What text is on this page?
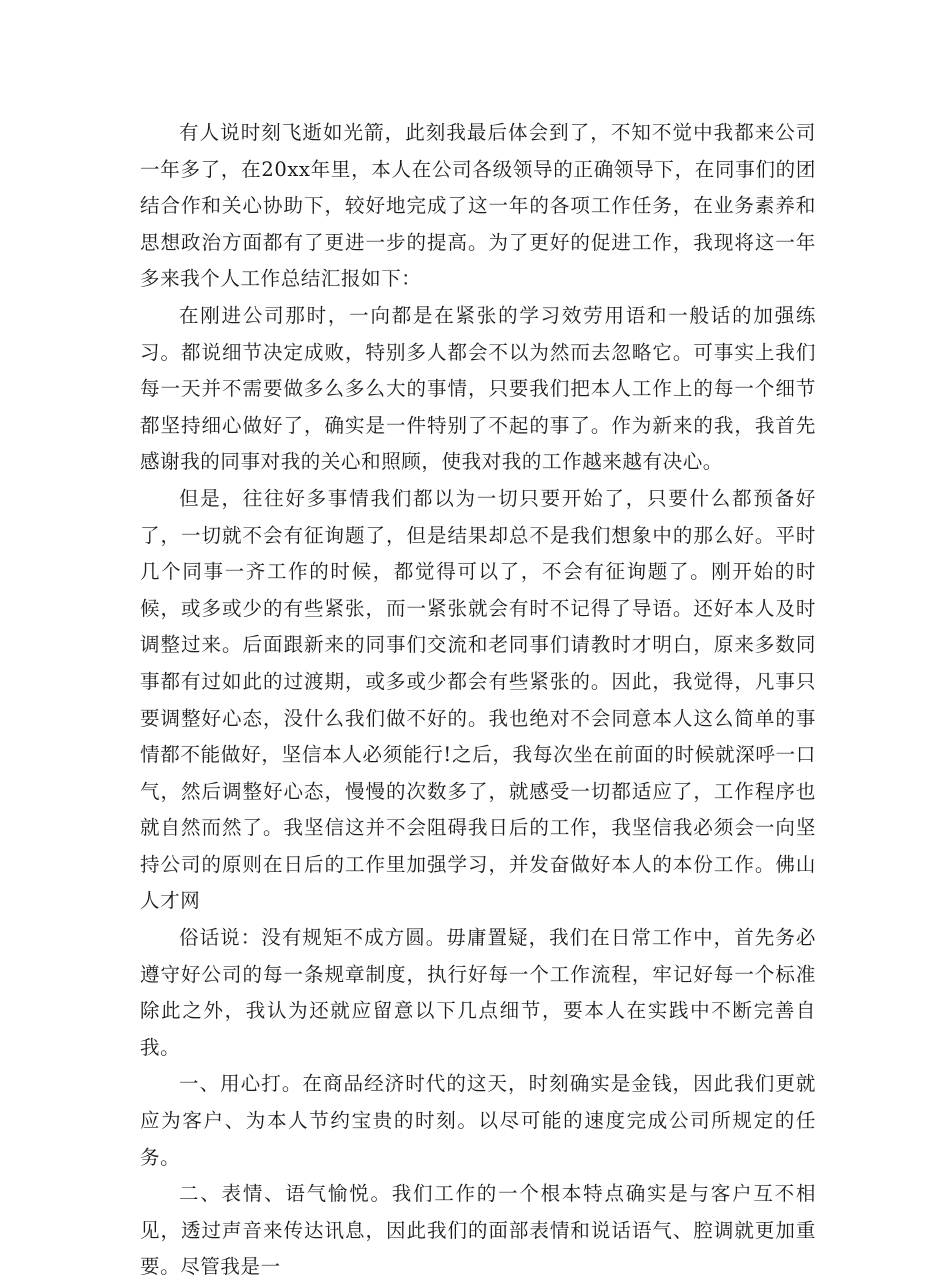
有人说时刻飞逝如光箭，此刻我最后体会到了，不知不觉中我都来公司一年多了，在20xx年里，本人在公司各级领导的正确领导下，在同事们的团结合作和关心协助下，较好地完成了这一年的各项工作任务，在业务素养和思想政治方面都有了更进一步的提高。为了更好的促进工作，我现将这一年多来我个人工作总结汇报如下：

在刚进公司那时，一向都是在紧张的学习效劳用语和一般话的加强练习。都说细节决定成败，特别多人都会不以为然而去忽略它。可事实上我们每一天并不需要做多么多么大的事情，只要我们把本人工作上的每一个细节都坚持细心做好了，确实是一件特别了不起的事了。作为新来的我，我首先感谢我的同事对我的关心和照顾，使我对我的工作越来越有决心。

但是，往往好多事情我们都以为一切只要开始了，只要什么都预备好了，一切就不会有征询题了，但是结果却总不是我们想象中的那么好。平时几个同事一齐工作的时候，都觉得可以了，不会有征询题了。刚开始的时候，或多或少的有些紧张，而一紧张就会有时不记得了导语。还好本人及时调整过来。后面跟新来的同事们交流和老同事们请教时才明白，原来多数同事都有过如此的过渡期，或多或少都会有些紧张的。因此，我觉得，凡事只要调整好心态，没什么我们做不好的。我也绝对不会同意本人这么简单的事情都不能做好，坚信本人必须能行!之后，我每次坐在前面的时候就深呼一口气，然后调整好心态，慢慢的次数多了，就感受一切都适应了，工作程序也就自然而然了。我坚信这并不会阻碍我日后的工作，我坚信我必须会一向坚持公司的原则在日后的工作里加强学习，并发奋做好本人的本份工作。佛山人才网

俗话说：没有规矩不成方圆。毋庸置疑，我们在日常工作中，首先务必遵守好公司的每一条规章制度，执行好每一个工作流程，牢记好每一个标准除此之外，我认为还就应留意以下几点细节，要本人在实践中不断完善自我。

一、用心打。在商品经济时代的这天，时刻确实是金钱，因此我们更就应为客户、为本人节约宝贵的时刻。以尽可能的速度完成公司所规定的任务。

二、表情、语气愉悦。我们工作的一个根本特点确实是与客户互不相见，透过声音来传达讯息，因此我们的面部表情和说话语气、腔调就更加重要。尽管我是一
